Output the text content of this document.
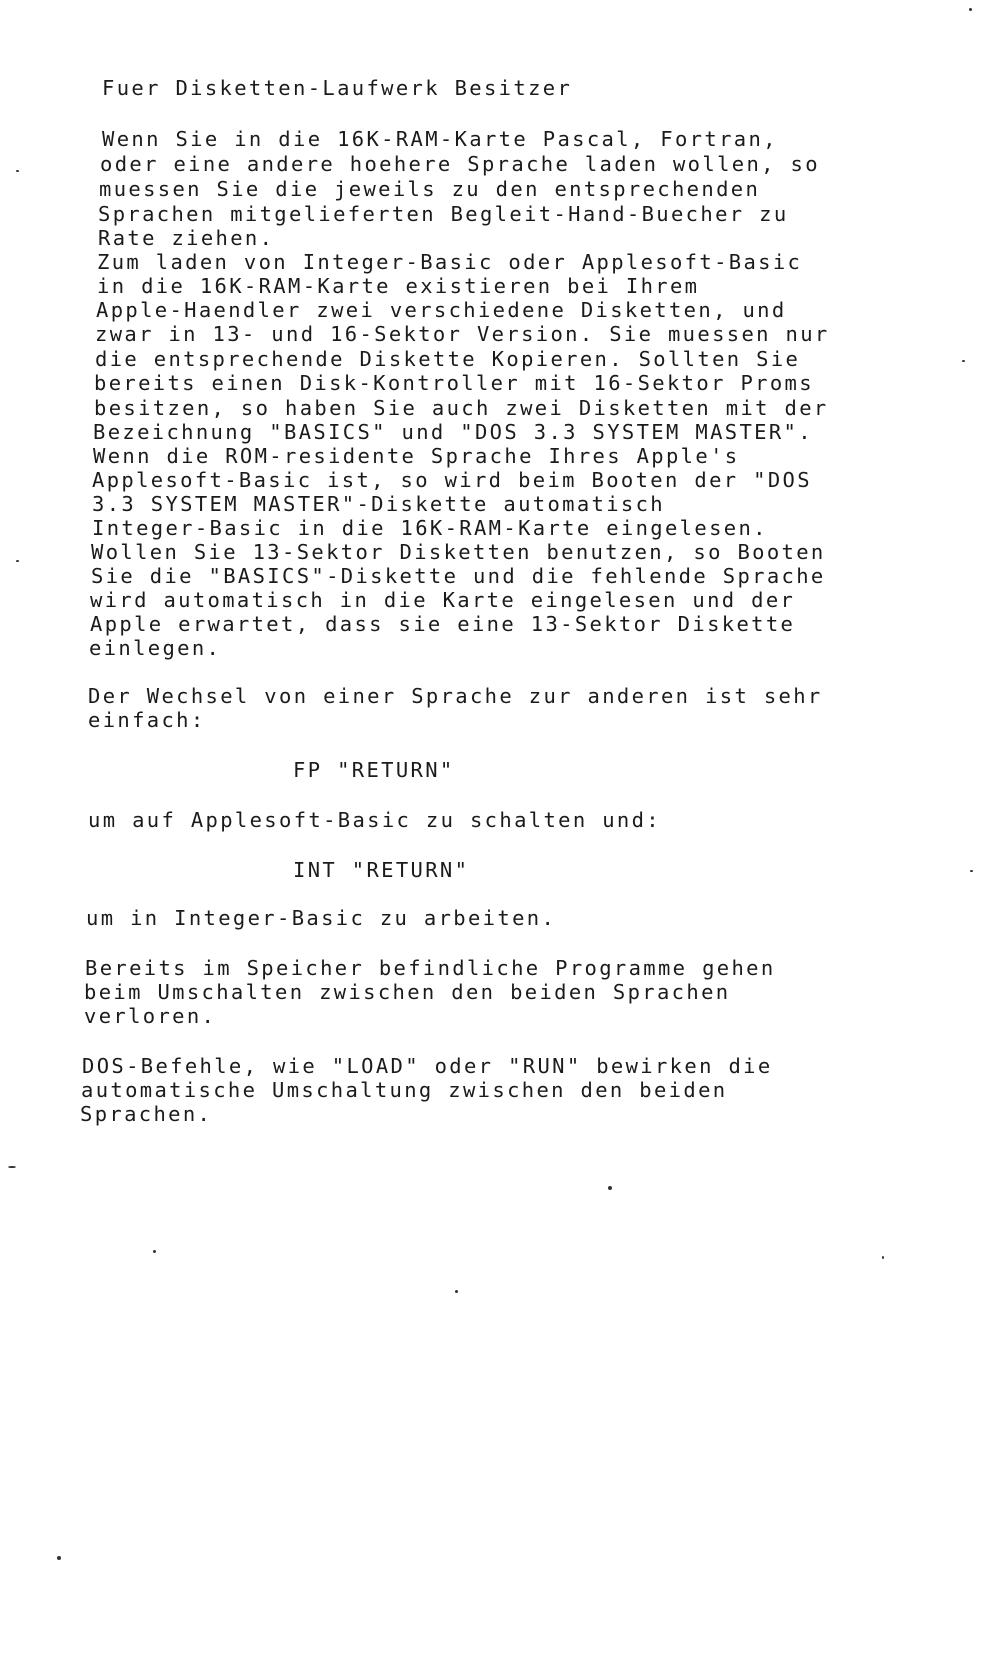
Fuer Disketten-Laufwerk Besitzer
Wenn Sie in die 16K-RAM-Karte Pascal, Fortran,
oder eine andere hoehere Sprache laden wollen, so
muessen Sie die jeweils zu den entsprechenden
Sprachen mitgelieferten Begleit-Hand-Buecher zu
Rate ziehen.
Zum laden von Integer-Basic oder Applesoft-Basic
in die 16K-RAM-Karte existieren bei Ihrem
Apple-Haendler zwei verschiedene Disketten, und
zwar in 13- und 16-Sektor Version. Sie muessen nur
die entsprechende Diskette Kopieren. Sollten Sie
bereits einen Disk-Kontroller mit 16-Sektor Proms
besitzen, so haben Sie auch zwei Disketten mit der
Bezeichnung "BASICS" und "DOS 3.3 SYSTEM MASTER".
Wenn die ROM-residente Sprache Ihres Apple's
Applesoft-Basic ist, so wird beim Booten der "DOS
3.3 SYSTEM MASTER"-Diskette automatisch
Integer-Basic in die 16K-RAM-Karte eingelesen.
Wollen Sie 13-Sektor Disketten benutzen, so Booten
Sie die "BASICS"-Diskette und die fehlende Sprache
wird automatisch in die Karte eingelesen und der
Apple erwartet, dass sie eine 13-Sektor Diskette
einlegen.
Der Wechsel von einer Sprache zur anderen ist sehr
einfach:
FP "RETURN"
um auf Applesoft-Basic zu schalten und:
INT "RETURN"
um in Integer-Basic zu arbeiten.
Bereits im Speicher befindliche Programme gehen
beim Umschalten zwischen den beiden Sprachen
verloren.
DOS-Befehle, wie "LOAD" oder "RUN" bewirken die
automatische Umschaltung zwischen den beiden
Sprachen.
